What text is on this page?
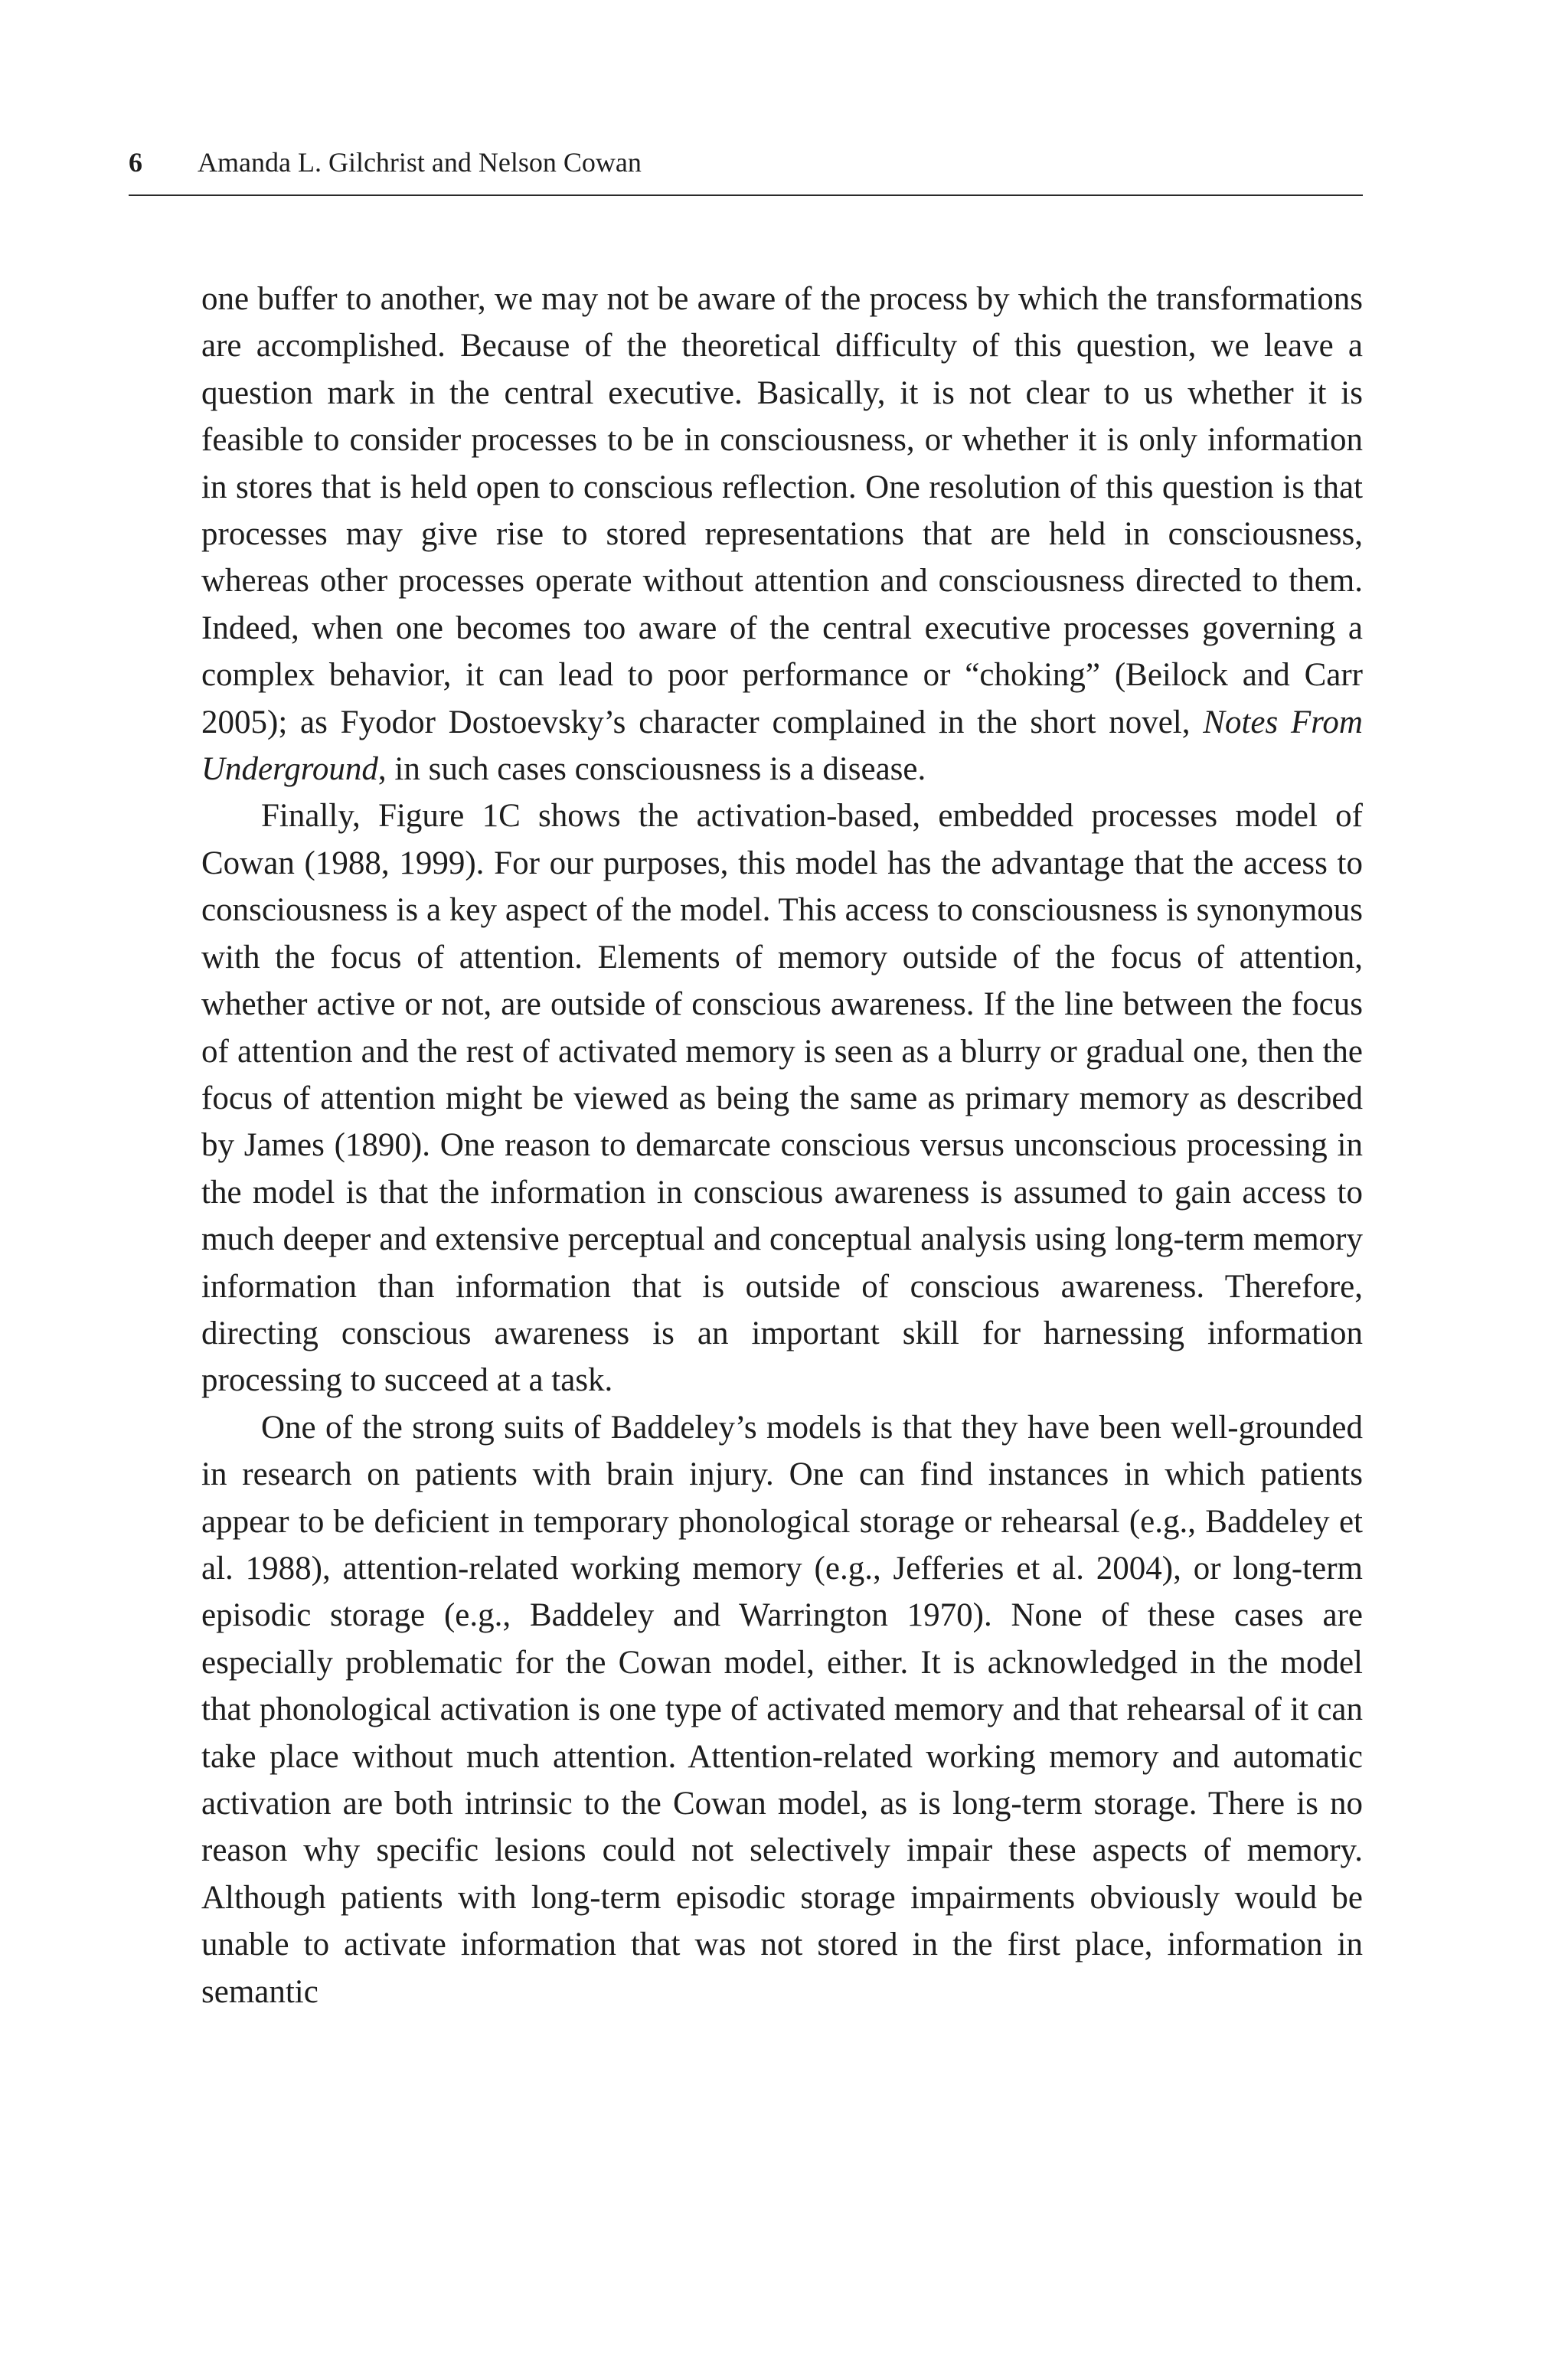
6 Amanda L. Gilchrist and Nelson Cowan

one buffer to another, we may not be aware of the process by which the transformations are accomplished. Because of the theoretical difficulty of this question, we leave a question mark in the central executive. Basically, it is not clear to us whether it is feasible to consider processes to be in consciousness, or whether it is only information in stores that is held open to conscious reflection. One resolution of this question is that processes may give rise to stored representations that are held in consciousness, whereas other processes operate without attention and consciousness directed to them. Indeed, when one becomes too aware of the central executive processes governing a complex behavior, it can lead to poor performance or “choking” (Beilock and Carr 2005); as Fyodor Dostoevsky’s character complained in the short novel, Notes From Underground, in such cases consciousness is a disease.

Finally, Figure 1C shows the activation-based, embedded processes model of Cowan (1988, 1999). For our purposes, this model has the advantage that the access to consciousness is a key aspect of the model. This access to consciousness is synonymous with the focus of attention. Elements of memory outside of the focus of attention, whether active or not, are outside of conscious awareness. If the line between the focus of attention and the rest of activated memory is seen as a blurry or gradual one, then the focus of attention might be viewed as being the same as primary memory as described by James (1890). One reason to demarcate conscious versus unconscious processing in the model is that the information in conscious awareness is assumed to gain access to much deeper and extensive perceptual and conceptual analysis using long-term memory information than information that is outside of conscious awareness. Therefore, directing conscious awareness is an important skill for harnessing information processing to succeed at a task.

One of the strong suits of Baddeley’s models is that they have been well-grounded in research on patients with brain injury. One can find instances in which patients appear to be deficient in temporary phonological storage or rehearsal (e.g., Baddeley et al. 1988), attention-related working memory (e.g., Jefferies et al. 2004), or long-term episodic storage (e.g., Baddeley and Warrington 1970). None of these cases are especially problematic for the Cowan model, either. It is acknowledged in the model that phonological activation is one type of activated memory and that rehearsal of it can take place without much attention. Attention-related working memory and automatic activation are both intrinsic to the Cowan model, as is long-term storage. There is no reason why specific lesions could not selectively impair these aspects of memory. Although patients with long-term episodic storage impairments obviously would be unable to activate information that was not stored in the first place, information in semantic
